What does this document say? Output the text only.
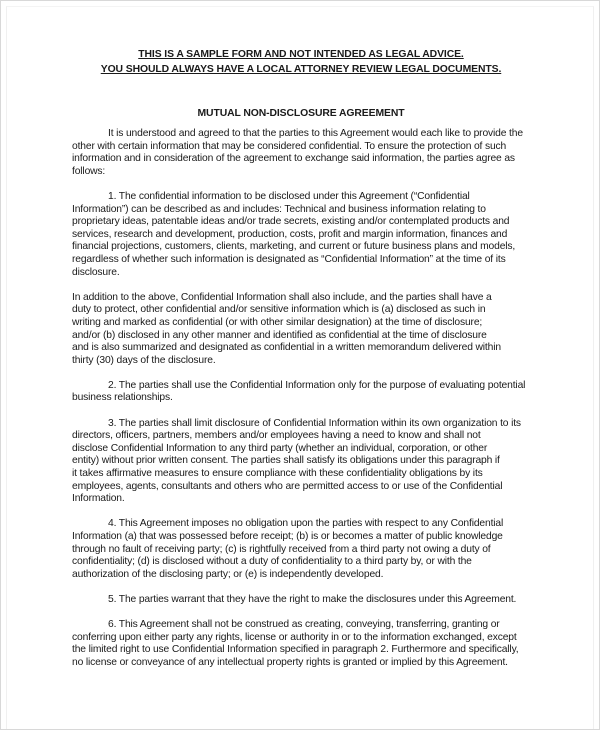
THIS IS A SAMPLE FORM AND NOT INTENDED AS LEGAL ADVICE.
YOU SHOULD ALWAYS HAVE A LOCAL ATTORNEY REVIEW LEGAL DOCUMENTS.
MUTUAL NON-DISCLOSURE AGREEMENT
It is understood and agreed to that the parties to this Agreement would each like to provide the
other with certain information that may be considered confidential. To ensure the protection of such
information and in consideration of the agreement to exchange said information, the parties agree as
follows:
1. The confidential information to be disclosed under this Agreement (“Confidential
Information”) can be described as and includes: Technical and business information relating to
proprietary ideas, patentable ideas and/or trade secrets, existing and/or contemplated products and
services, research and development, production, costs, profit and margin information, finances and
financial projections, customers, clients, marketing, and current or future business plans and models,
regardless of whether such information is designated as “Confidential Information” at the time of its
disclosure.
In addition to the above, Confidential Information shall also include, and the parties shall have a
duty to protect, other confidential and/or sensitive information which is (a) disclosed as such in
writing and marked as confidential (or with other similar designation) at the time of disclosure;
and/or (b) disclosed in any other manner and identified as confidential at the time of disclosure
and is also summarized and designated as confidential in a written memorandum delivered within
thirty (30) days of the disclosure.
2. The parties shall use the Confidential Information only for the purpose of evaluating potential
business relationships.
3. The parties shall limit disclosure of Confidential Information within its own organization to its
directors, officers, partners, members and/or employees having a need to know and shall not
disclose Confidential Information to any third party (whether an individual, corporation, or other
entity) without prior written consent. The parties shall satisfy its obligations under this paragraph if
it takes affirmative measures to ensure compliance with these confidentiality obligations by its
employees, agents, consultants and others who are permitted access to or use of the Confidential
Information.
4. This Agreement imposes no obligation upon the parties with respect to any Confidential
Information (a) that was possessed before receipt; (b) is or becomes a matter of public knowledge
through no fault of receiving party; (c) is rightfully received from a third party not owing a duty of
confidentiality; (d) is disclosed without a duty of confidentiality to a third party by, or with the
authorization of the disclosing party; or (e) is independently developed.
5. The parties warrant that they have the right to make the disclosures under this Agreement.
6. This Agreement shall not be construed as creating, conveying, transferring, granting or
conferring upon either party any rights, license or authority in or to the information exchanged, except
the limited right to use Confidential Information specified in paragraph 2. Furthermore and specifically,
no license or conveyance of any intellectual property rights is granted or implied by this Agreement.
